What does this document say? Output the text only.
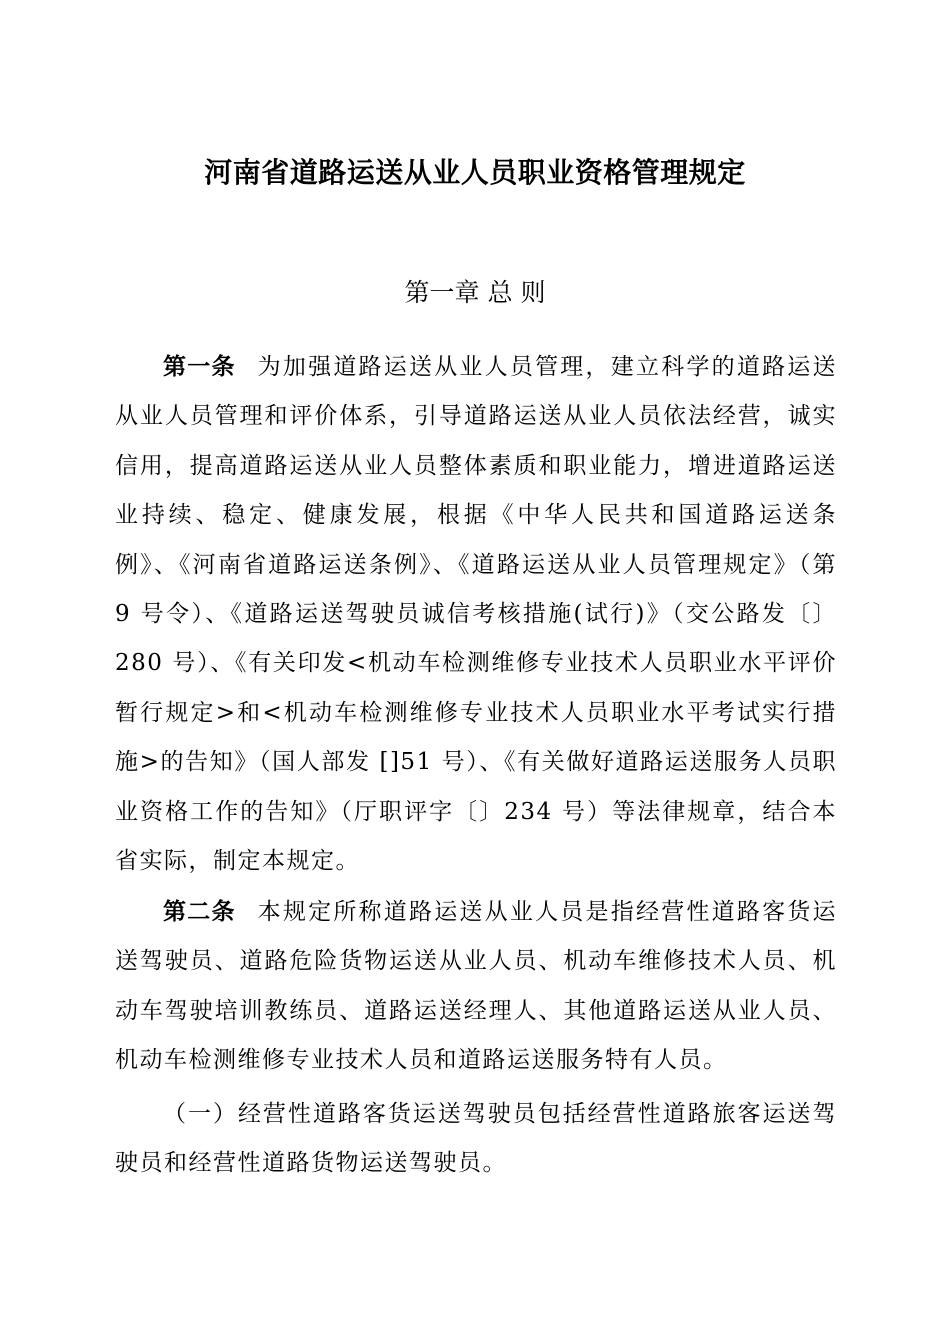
河南省道路运送从业人员职业资格管理规定
第一章 总 则

第一条 为加强道路运送从业人员管理，建立科学的道路运送从业人员管理和评价体系，引导道路运送从业人员依法经营，诚实信用，提高道路运送从业人员整体素质和职业能力，增进道路运送业持续、稳定、健康发展，根据《中华人民共和国道路运送条例》、《河南省道路运送条例》、《道路运送从业人员管理规定》（第 9 号令）、《道路运送驾驶员诚信考核措施(试行)》（交公路发〔〕280 号）、《有关印发<机动车检测维修专业技术人员职业水平评价暂行规定>和<机动车检测维修专业技术人员职业水平考试实行措施>的告知》（国人部发 []51 号）、《有关做好道路运送服务人员职业资格工作的告知》（厅职评字〔〕234 号）等法律规章，结合本省实际，制定本规定。

第二条 本规定所称道路运送从业人员是指经营性道路客货运送驾驶员、道路危险货物运送从业人员、机动车维修技术人员、机动车驾驶培训教练员、道路运送经理人、其他道路运送从业人员、机动车检测维修专业技术人员和道路运送服务特有人员。

（一）经营性道路客货运送驾驶员包括经营性道路旅客运送驾驶员和经营性道路货物运送驾驶员。
